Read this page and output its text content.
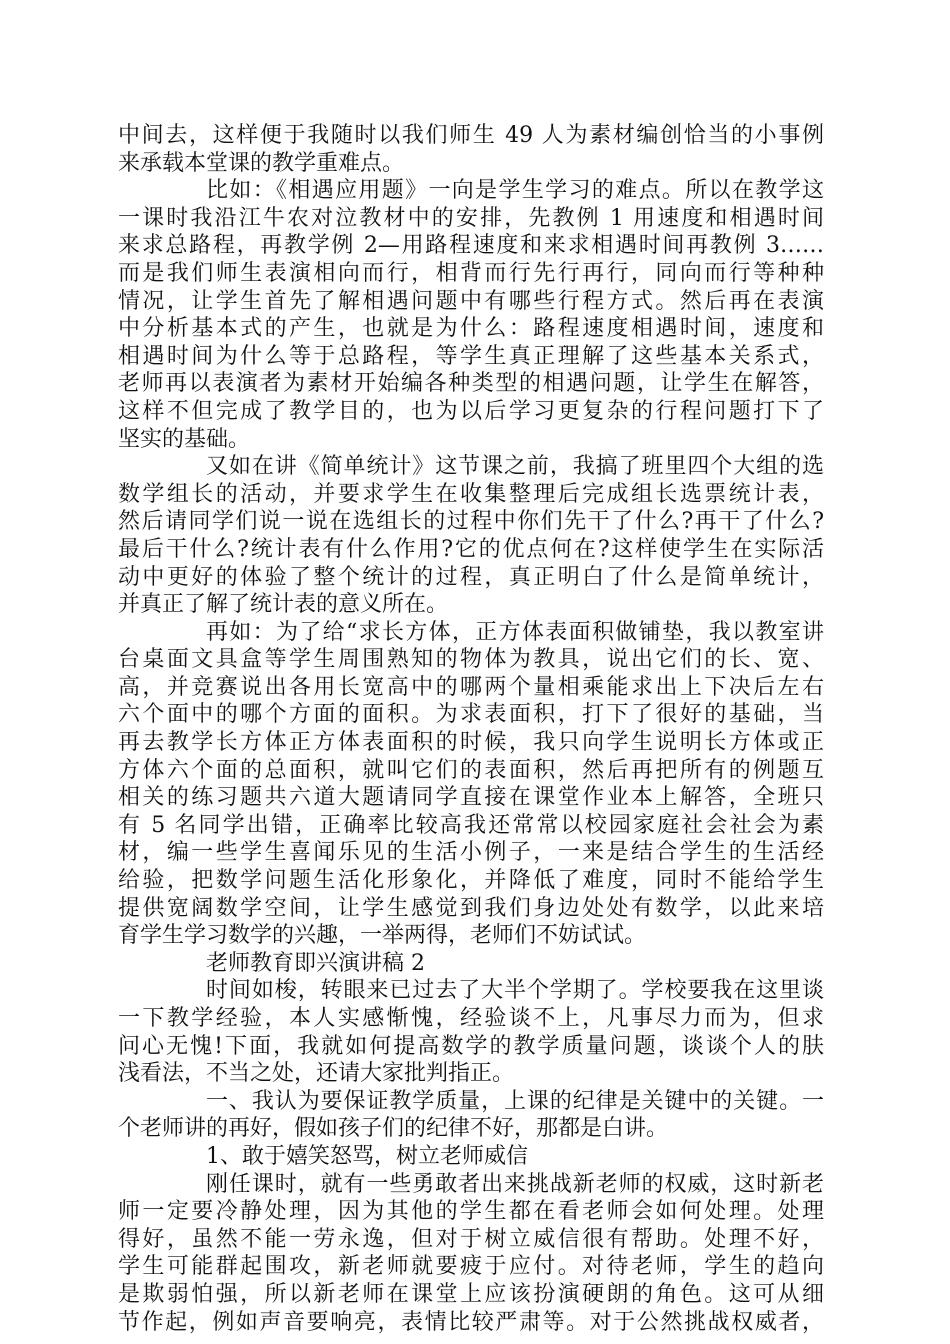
中间去，这样便于我随时以我们师生 49 人为素材编创恰当的小事例
来承载本堂课的教学重难点。
比如：《相遇应用题》一向是学生学习的难点。所以在教学这
一课时我沿江牛农对泣教材中的安排，先教例 1 用速度和相遇时间
来求总路程，再教学例 2—用路程速度和来求相遇时间再教例 3……
而是我们师生表演相向而行，相背而行先行再行，同向而行等种种
情况，让学生首先了解相遇问题中有哪些行程方式。然后再在表演
中分析基本式的产生，也就是为什么：路程速度相遇时间，速度和
相遇时间为什么等于总路程，等学生真正理解了这些基本关系式，
老师再以表演者为素材开始编各种类型的相遇问题，让学生在解答，
这样不但完成了教学目的，也为以后学习更复杂的行程问题打下了
坚实的基础。
又如在讲《简单统计》这节课之前，我搞了班里四个大组的选
数学组长的活动，并要求学生在收集整理后完成组长选票统计表，
然后请同学们说一说在选组长的过程中你们先干了什么?再干了什么?
最后干什么?统计表有什么作用?它的优点何在?这样使学生在实际活
动中更好的体验了整个统计的过程，真正明白了什么是简单统计，
并真正了解了统计表的意义所在。
再如：为了给“求长方体，正方体表面积做铺垫，我以教室讲
台桌面文具盒等学生周围熟知的物体为教具，说出它们的长、宽、
高，并竞赛说出各用长宽高中的哪两个量相乘能求出上下决后左右
六个面中的哪个方面的面积。为求表面积，打下了很好的基础，当
再去教学长方体正方体表面积的时候，我只向学生说明长方体或正
方体六个面的总面积，就叫它们的表面积，然后再把所有的例题互
相关的练习题共六道大题请同学直接在课堂作业本上解答，全班只
有 5 名同学出错，正确率比较高我还常常以校园家庭社会社会为素
材，编一些学生喜闻乐见的生活小例子，一来是结合学生的生活经
给验，把数学问题生活化形象化，并降低了难度，同时不能给学生
提供宽阔数学空间，让学生感觉到我们身边处处有数学，以此来培
育学生学习数学的兴趣，一举两得，老师们不妨试试。
老师教育即兴演讲稿 2
时间如梭，转眼来已过去了大半个学期了。学校要我在这里谈
一下教学经验，本人实感惭愧，经验谈不上，凡事尽力而为，但求
问心无愧!下面，我就如何提高数学的教学质量问题，谈谈个人的肤
浅看法，不当之处，还请大家批判指正。
一、我认为要保证教学质量，上课的纪律是关键中的关键。一
个老师讲的再好，假如孩子们的纪律不好，那都是白讲。
1、敢于嬉笑怒骂，树立老师威信
刚任课时，就有一些勇敢者出来挑战新老师的权威，这时新老
师一定要冷静处理，因为其他的学生都在看老师会如何处理。处理
得好，虽然不能一劳永逸，但对于树立威信很有帮助。处理不好，
学生可能群起围攻，新老师就要疲于应付。对待老师，学生的趋向
是欺弱怕强，所以新老师在课堂上应该扮演硬朗的角色。这可从细
节作起，例如声音要响亮，表情比较严肃等。对于公然挑战权威者，
